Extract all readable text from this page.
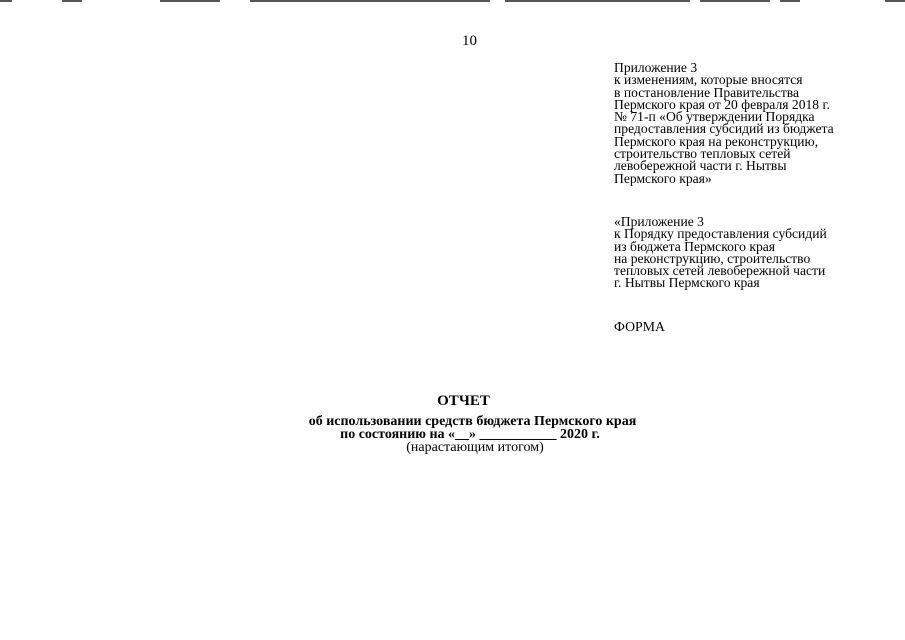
10
Приложение 3
к изменениям, которые вносятся
в постановление Правительства
Пермского края от 20 февраля 2018 г.
№ 71-п «Об утверждении Порядка
предоставления субсидий из бюджета
Пермского края на реконструкцию,
строительство тепловых сетей
левобережной части г. Нытвы
Пермского края»
«Приложение 3
к Порядку предоставления субсидий
из бюджета Пермского края
на реконструкцию, строительство
тепловых сетей левобережной части
г. Нытвы Пермского края
ФОРМА
ОТЧЕТ
об использовании средств бюджета Пермского края
по состоянию на «__» ___________ 2020 г.
(нарастающим итогом)
